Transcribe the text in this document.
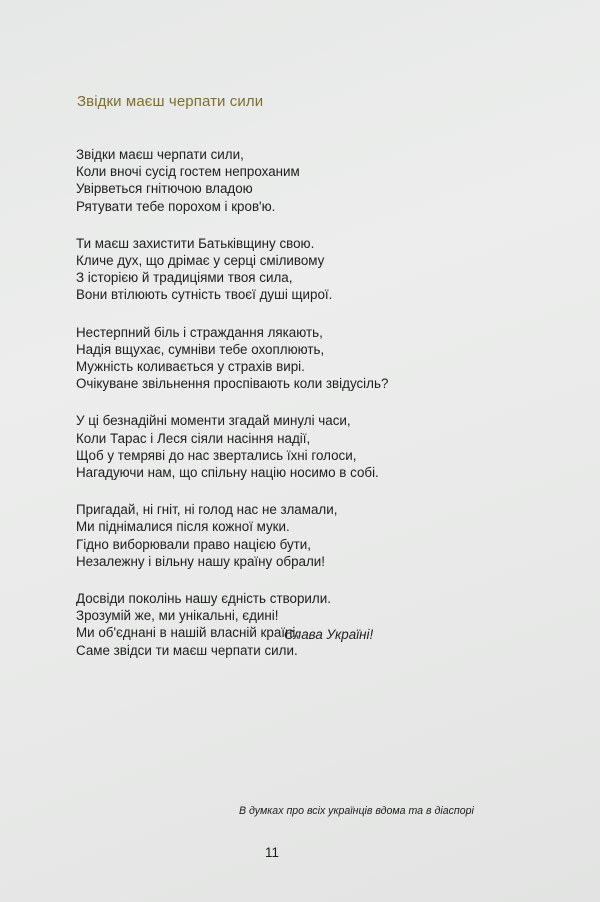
Звідки маєш черпати сили
Звідки маєш черпати сили,
Коли вночі сусід гостем непроханим
Увірветься гнітючою владою
Рятувати тебе порохом і кров'ю.
Ти маєш захистити Батьківщину свою.
Кличе дух, що дрімає у серці сміливому
З історією й традиціями твоя сила,
Вони втілюють сутність твоєї душі щирої.
Нестерпний біль і страждання лякають,
Надія вщухає, сумніви тебе охоплюють,
Мужність коливається у страхів вирі.
Очікуване звільнення проспівають коли звідусіль?
У ці безнадійні моменти згадай минулі часи,
Коли Тарас і Леся сіяли насіння надії,
Щоб у темряві до нас звертались їхні голоси,
Нагадуючи нам, що спільну націю носимо в собі.
Пригадай, ні гніт, ні голод нас не зламали,
Ми піднімалися після кожної муки.
Гідно виборювали право нацією бути,
Незалежну і вільну нашу країну обрали!
Досвіди поколінь нашу єдність створили.
Зрозумій же, ми унікальні, єдині!
Ми об'єднані в нашій власній країні,
Саме звідси ти маєш черпати сили.
Слава Україні!
В думках про всіх українців вдома та в діаспорі
11
